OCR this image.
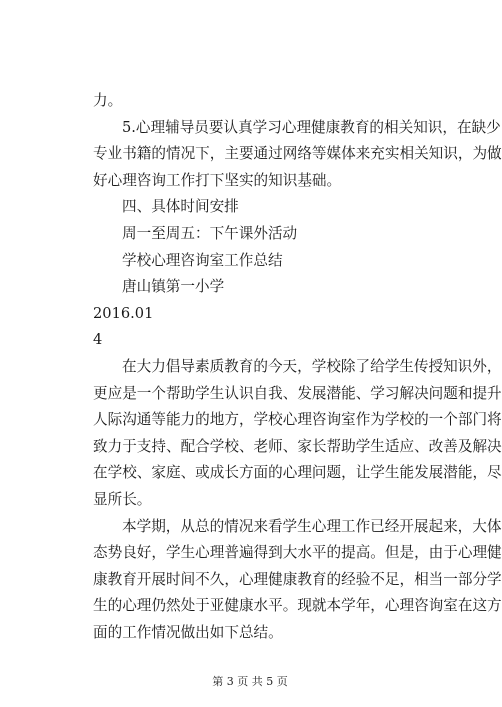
力。
5.心理辅导员要认真学习心理健康教育的相关知识，在缺少
专业书籍的情况下，主要通过网络等媒体来充实相关知识，为做
好心理咨询工作打下坚实的知识基础。
四、具体时间安排
周一至周五：下午课外活动
学校心理咨询室工作总结
唐山镇第一小学
2016.01
4
在大力倡导素质教育的今天，学校除了给学生传授知识外，
更应是一个帮助学生认识自我、发展潜能、学习解决问题和提升
人际沟通等能力的地方，学校心理咨询室作为学校的一个部门将
致力于支持、配合学校、老师、家长帮助学生适应、改善及解决
在学校、家庭、或成长方面的心理问题，让学生能发展潜能，尽
显所长。
本学期，从总的情况来看学生心理工作已经开展起来，大体
态势良好，学生心理普遍得到大水平的提高。但是，由于心理健
康教育开展时间不久，心理健康教育的经验不足，相当一部分学
生的心理仍然处于亚健康水平。现就本学年，心理咨询室在这方
面的工作情况做出如下总结。
第 3 页 共 5 页
